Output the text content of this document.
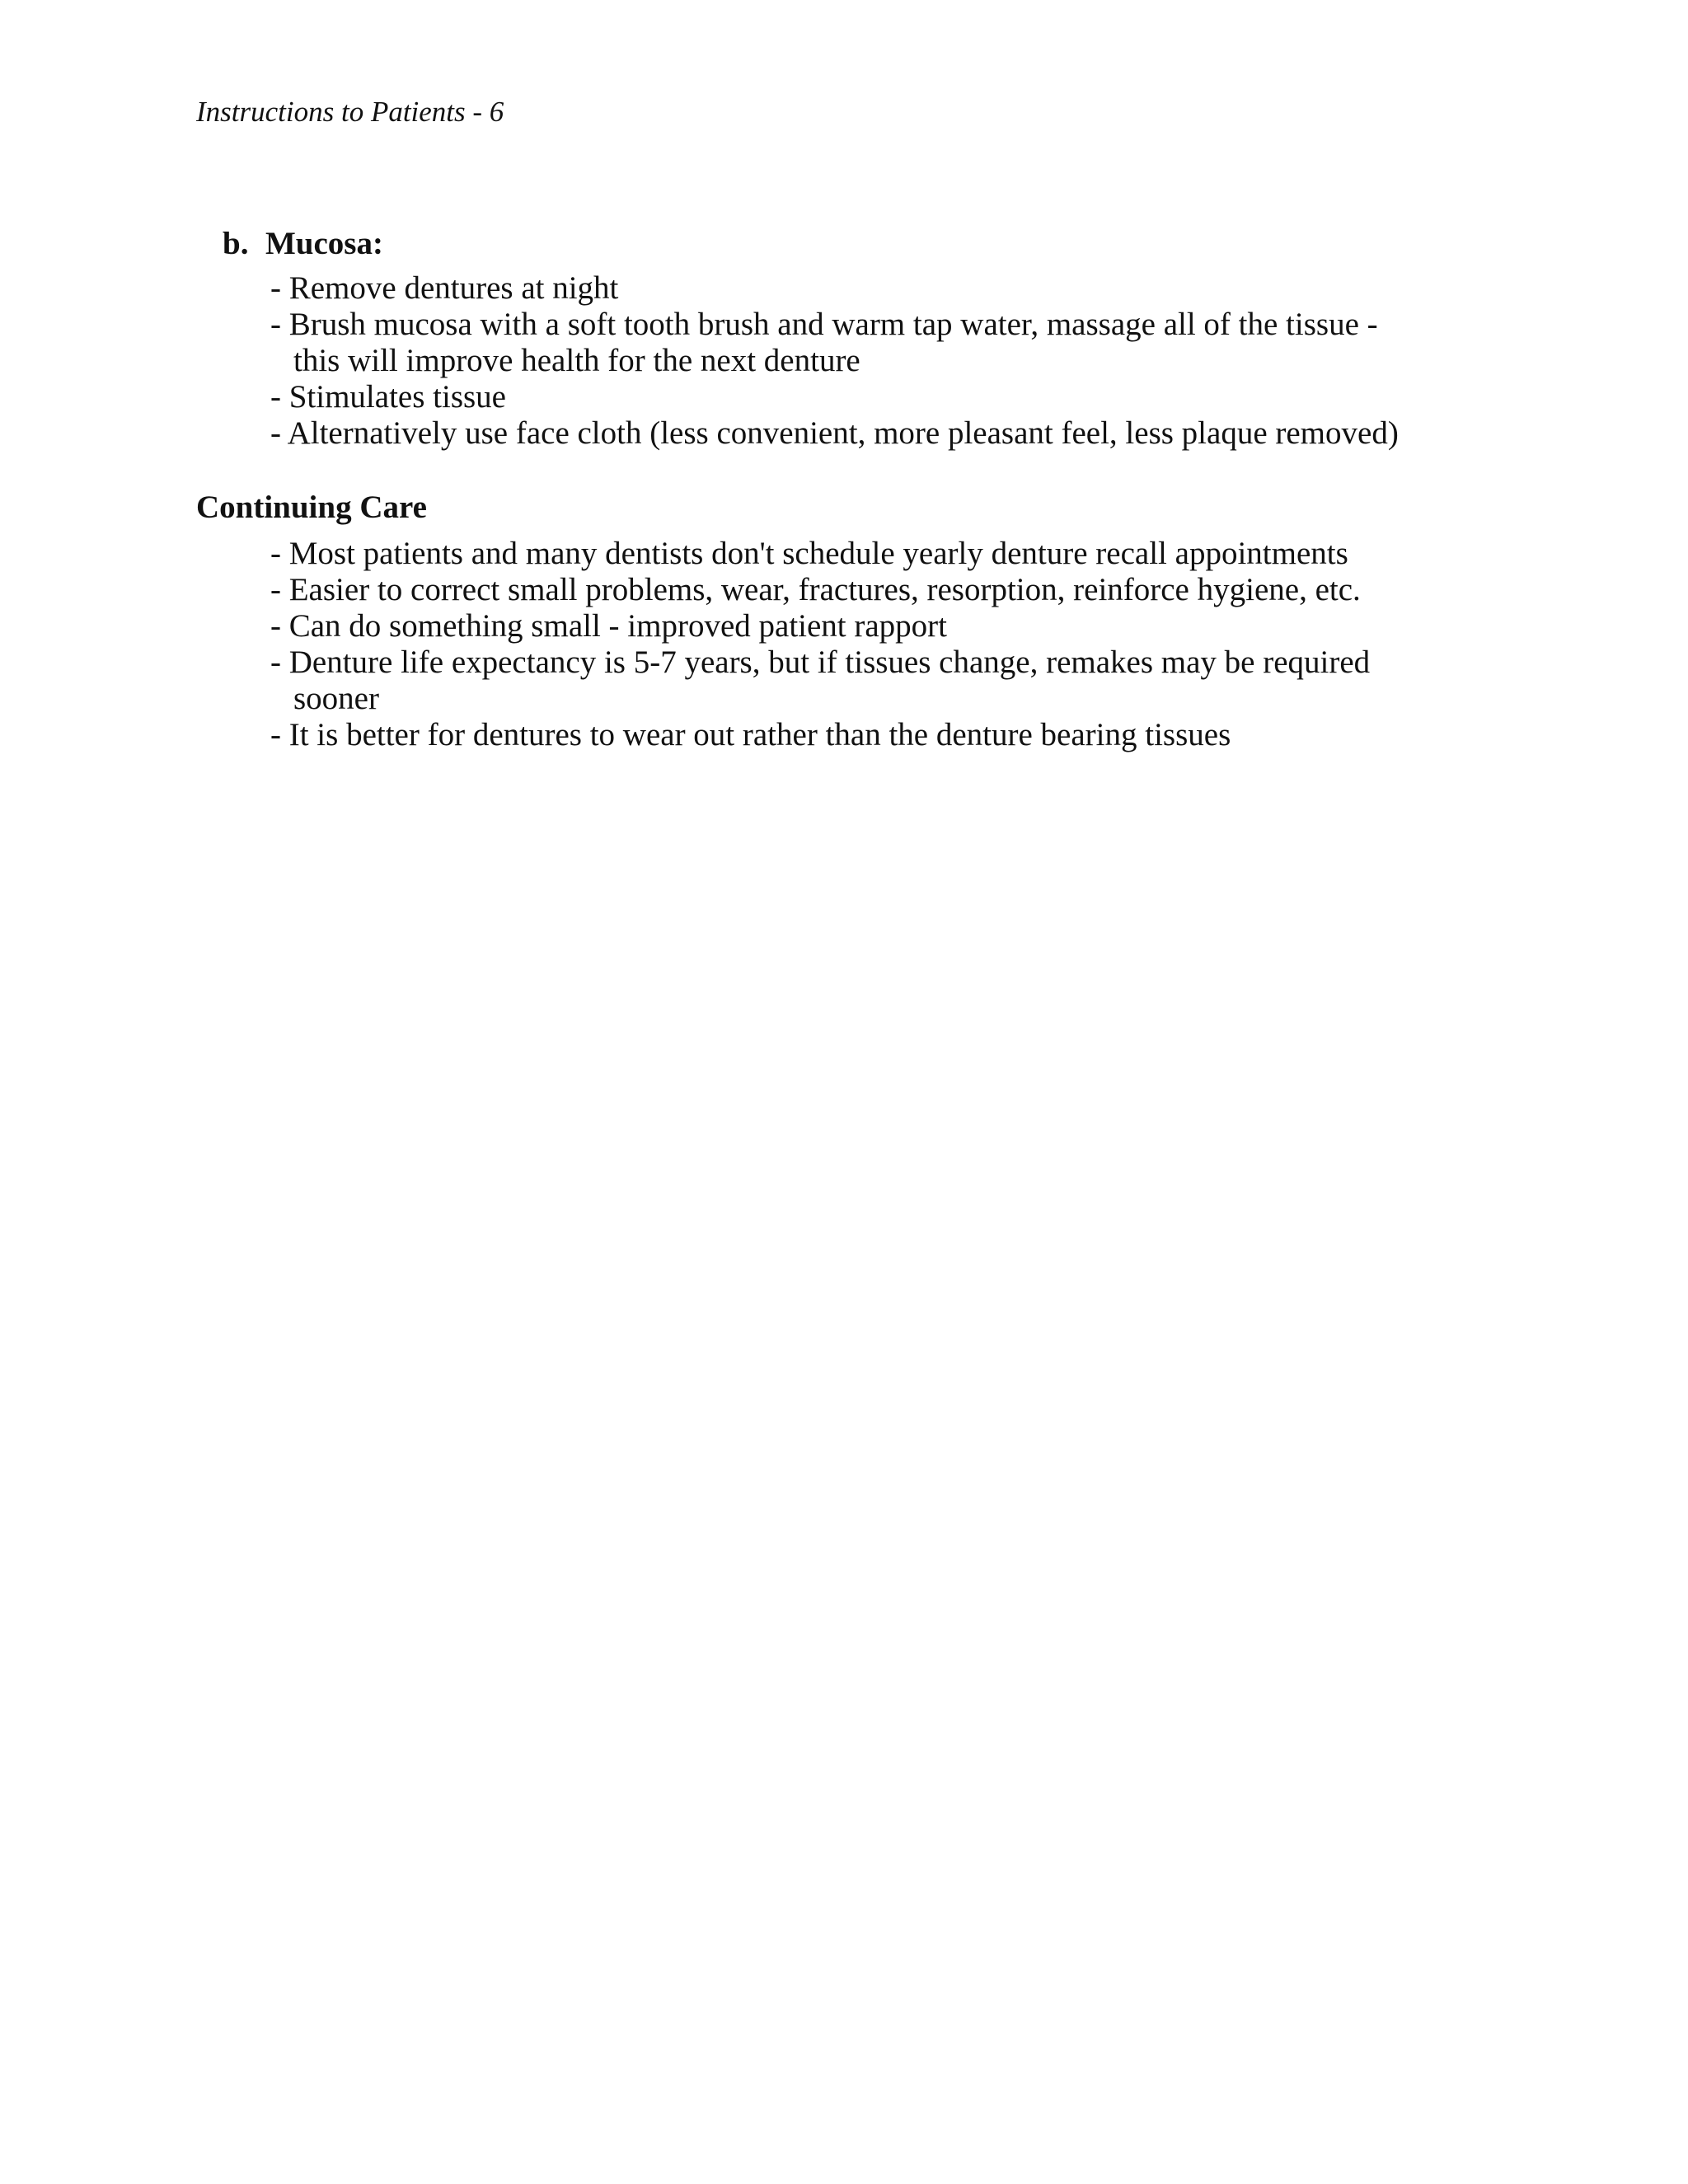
Instructions to Patients - 6
b. Mucosa:
- Remove dentures at night
- Brush mucosa with a soft tooth brush and warm tap water, massage all of the tissue -
this will improve health for the next denture
- Stimulates tissue
- Alternatively use face cloth (less convenient, more pleasant feel, less plaque removed)
Continuing Care
- Most patients and many dentists don't schedule yearly denture recall appointments
- Easier to correct small problems, wear, fractures, resorption, reinforce hygiene, etc.
- Can do something small - improved patient rapport
- Denture life expectancy is 5-7 years, but if tissues change, remakes may be required
sooner
- It is better for dentures to wear out rather than the denture bearing tissues
